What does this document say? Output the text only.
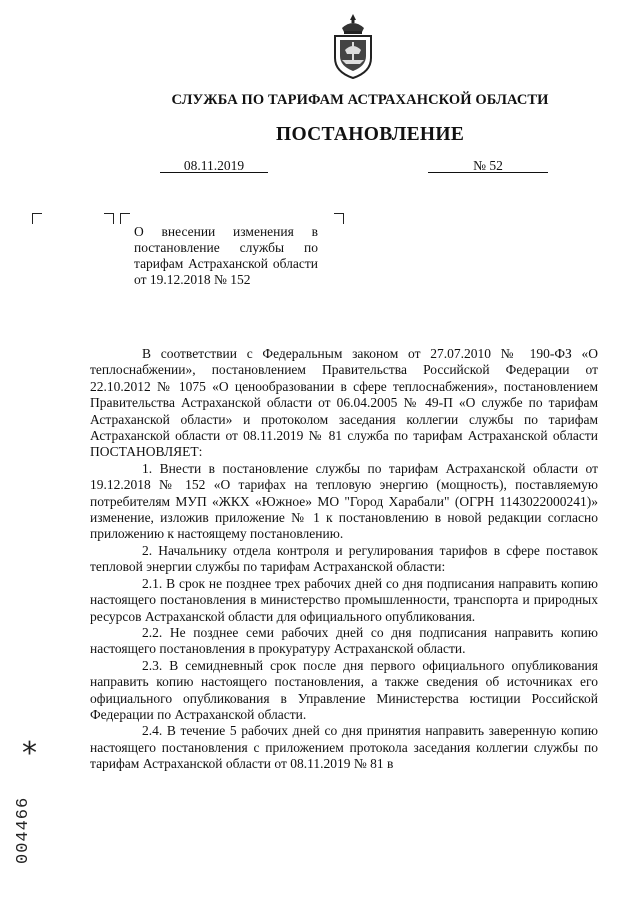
СЛУЖБА ПО ТАРИФАМ АСТРАХАНСКОЙ ОБЛАСТИ
ПОСТАНОВЛЕНИЕ
08.11.2019	№ 52
О внесении изменения в постановление службы по тарифам Астраханской области от 19.12.2018 № 152

В соответствии с Федеральным законом от 27.07.2010 № 190-ФЗ «О теплоснабжении», постановлением Правительства Российской Федерации от 22.10.2012 № 1075 «О ценообразовании в сфере теплоснабжения», постановлением Правительства Астраханской области от 06.04.2005 № 49-П «О службе по тарифам Астраханской области» и протоколом заседания коллегии службы по тарифам Астраханской области от 08.11.2019 № 81 служба по тарифам Астраханской области ПОСТАНОВЛЯЕТ:

1. Внести в постановление службы по тарифам Астраханской области от 19.12.2018 № 152 «О тарифах на тепловую энергию (мощность), поставляемую потребителям МУП «ЖКХ «Южное» МО "Город Харабали" (ОГРН 1143022000241)» изменение, изложив приложение № 1 к постановлению в новой редакции согласно приложению к настоящему постановлению.

2. Начальнику отдела контроля и регулирования тарифов в сфере поставок тепловой энергии службы по тарифам Астраханской области:

2.1. В срок не позднее трех рабочих дней со дня подписания направить копию настоящего постановления в министерство промышленности, транспорта и природных ресурсов Астраханской области для официального опубликования.

2.2. Не позднее семи рабочих дней со дня подписания направить копию настоящего постановления в прокуратуру Астраханской области.

2.3. В семидневный срок после дня первого официального опубликования направить копию настоящего постановления, а также сведения об источниках его официального опубликования в Управление Министерства юстиции Российской Федерации по Астраханской области.

2.4. В течение 5 рабочих дней со дня принятия направить заверенную копию настоящего постановления с приложением протокола заседания коллегии службы по тарифам Астраханской области от 08.11.2019 № 81 в

*
004466
